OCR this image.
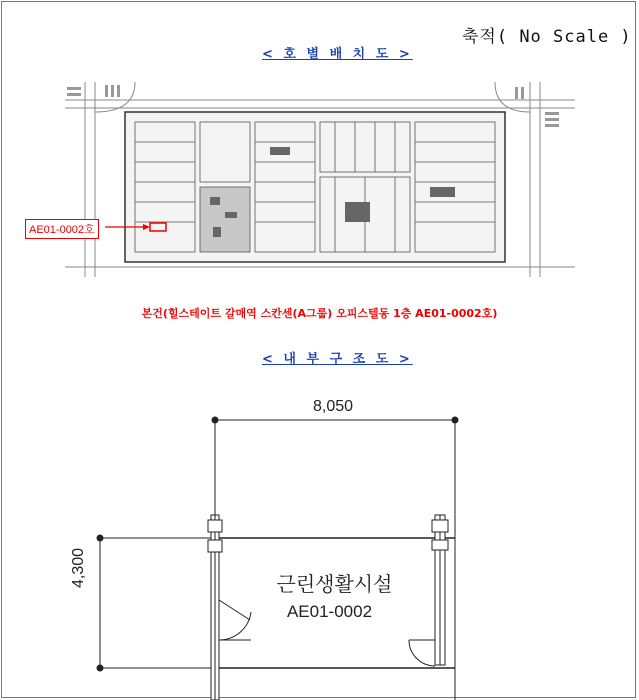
축적( No Scale )
< 호 별 배 치 도 >
AE01-0002호
본건(힐스테이트 갈매역 스칸센(A그룹) 오피스텔동 1층 AE01-0002호)
< 내 부 구 조 도 >
8,050
4,300	근린생활시설
AE01-0002
